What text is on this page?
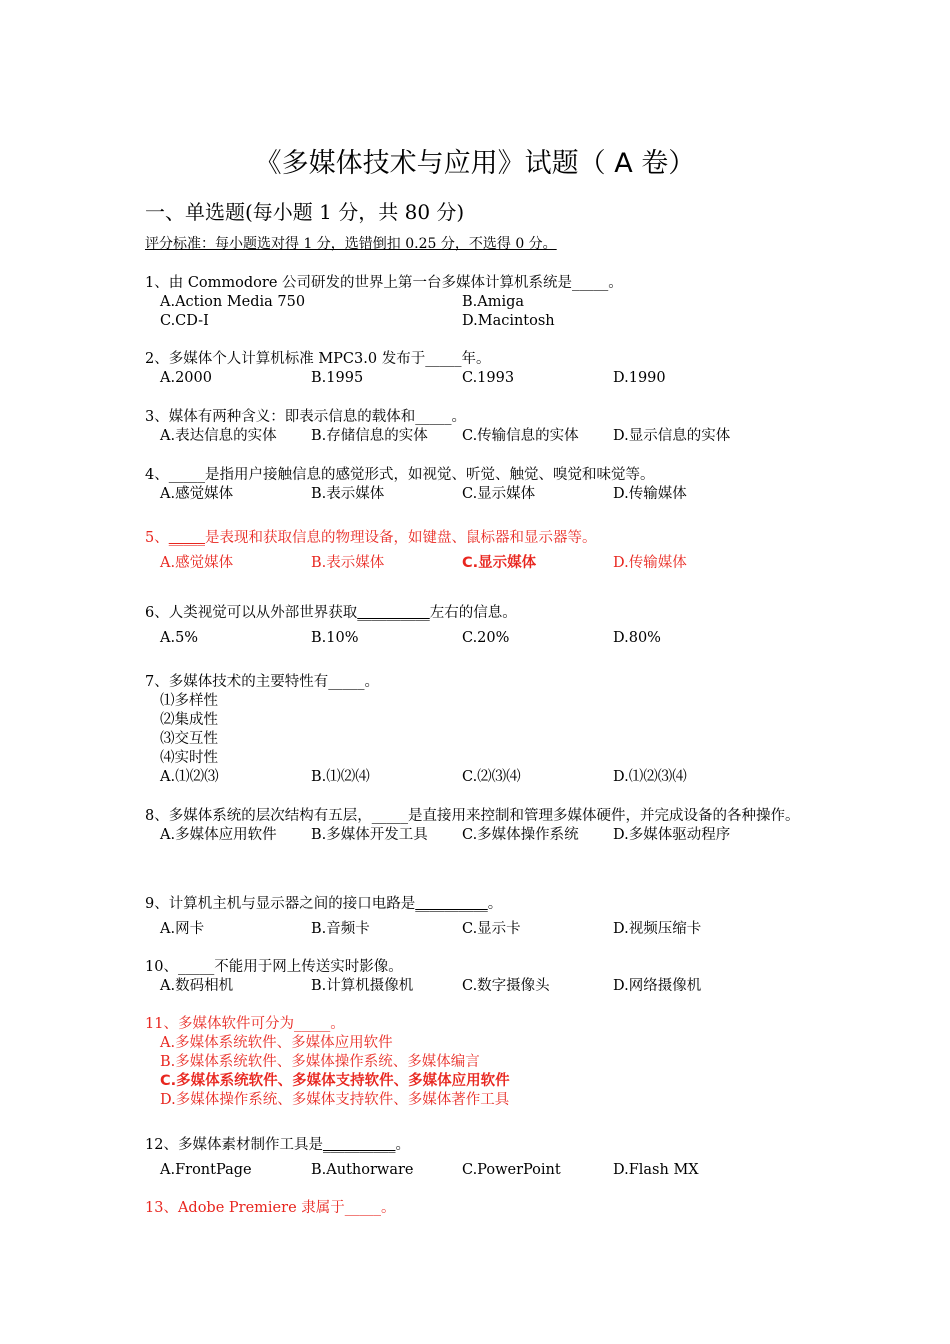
《多媒体技术与应用》试题（ A 卷）
一、单选题(每小题 1 分，共 80 分)
评分标准：每小题选对得 1 分，选错倒扣 0.25 分，不选得 0 分。
1、由 Commodore 公司研发的世界上第一台多媒体计算机系统是_____。
A.Action Media 750	B.Amiga
C.CD-I	D.Macintosh
2、多媒体个人计算机标准 MPC3.0 发布于_____年。
A.2000	B.1995	C.1993	D.1990
3、媒体有两种含义：即表示信息的载体和_____。
A.表达信息的实体	B.存储信息的实体	C.传输信息的实体	D.显示信息的实体
4、_____是指用户接触信息的感觉形式，如视觉、听觉、触觉、嗅觉和味觉等。
A.感觉媒体	B.表示媒体	C.显示媒体	D.传输媒体
5、_____是表现和获取信息的物理设备，如键盘、鼠标器和显示器等。
A.感觉媒体	B.表示媒体	C.显示媒体	D.传输媒体
6、人类视觉可以从外部世界获取__________左右的信息。
A.5%	B.10%	C.20%	D.80%
7、多媒体技术的主要特性有_____。
⑴多样性
⑵集成性
⑶交互性
⑷实时性
A.⑴⑵⑶	B.⑴⑵⑷	C.⑵⑶⑷	D.⑴⑵⑶⑷
8、多媒体系统的层次结构有五层，_____是直接用来控制和管理多媒体硬件，并完成设备的各种操作。
A.多媒体应用软件	B.多媒体开发工具	C.多媒体操作系统	D.多媒体驱动程序
9、计算机主机与显示器之间的接口电路是__________。
A.网卡	B.音频卡	C.显示卡	D.视频压缩卡
10、_____不能用于网上传送实时影像。
A.数码相机	B.计算机摄像机	C.数字摄像头	D.网络摄像机
11、多媒体软件可分为_____。
A.多媒体系统软件、多媒体应用软件
B.多媒体系统软件、多媒体操作系统、多媒体编言
C.多媒体系统软件、多媒体支持软件、多媒体应用软件
D.多媒体操作系统、多媒体支持软件、多媒体著作工具
12、多媒体素材制作工具是__________。
A.FrontPage	B.Authorware	C.PowerPoint	D.Flash MX
13、Adobe Premiere 隶属于_____。
